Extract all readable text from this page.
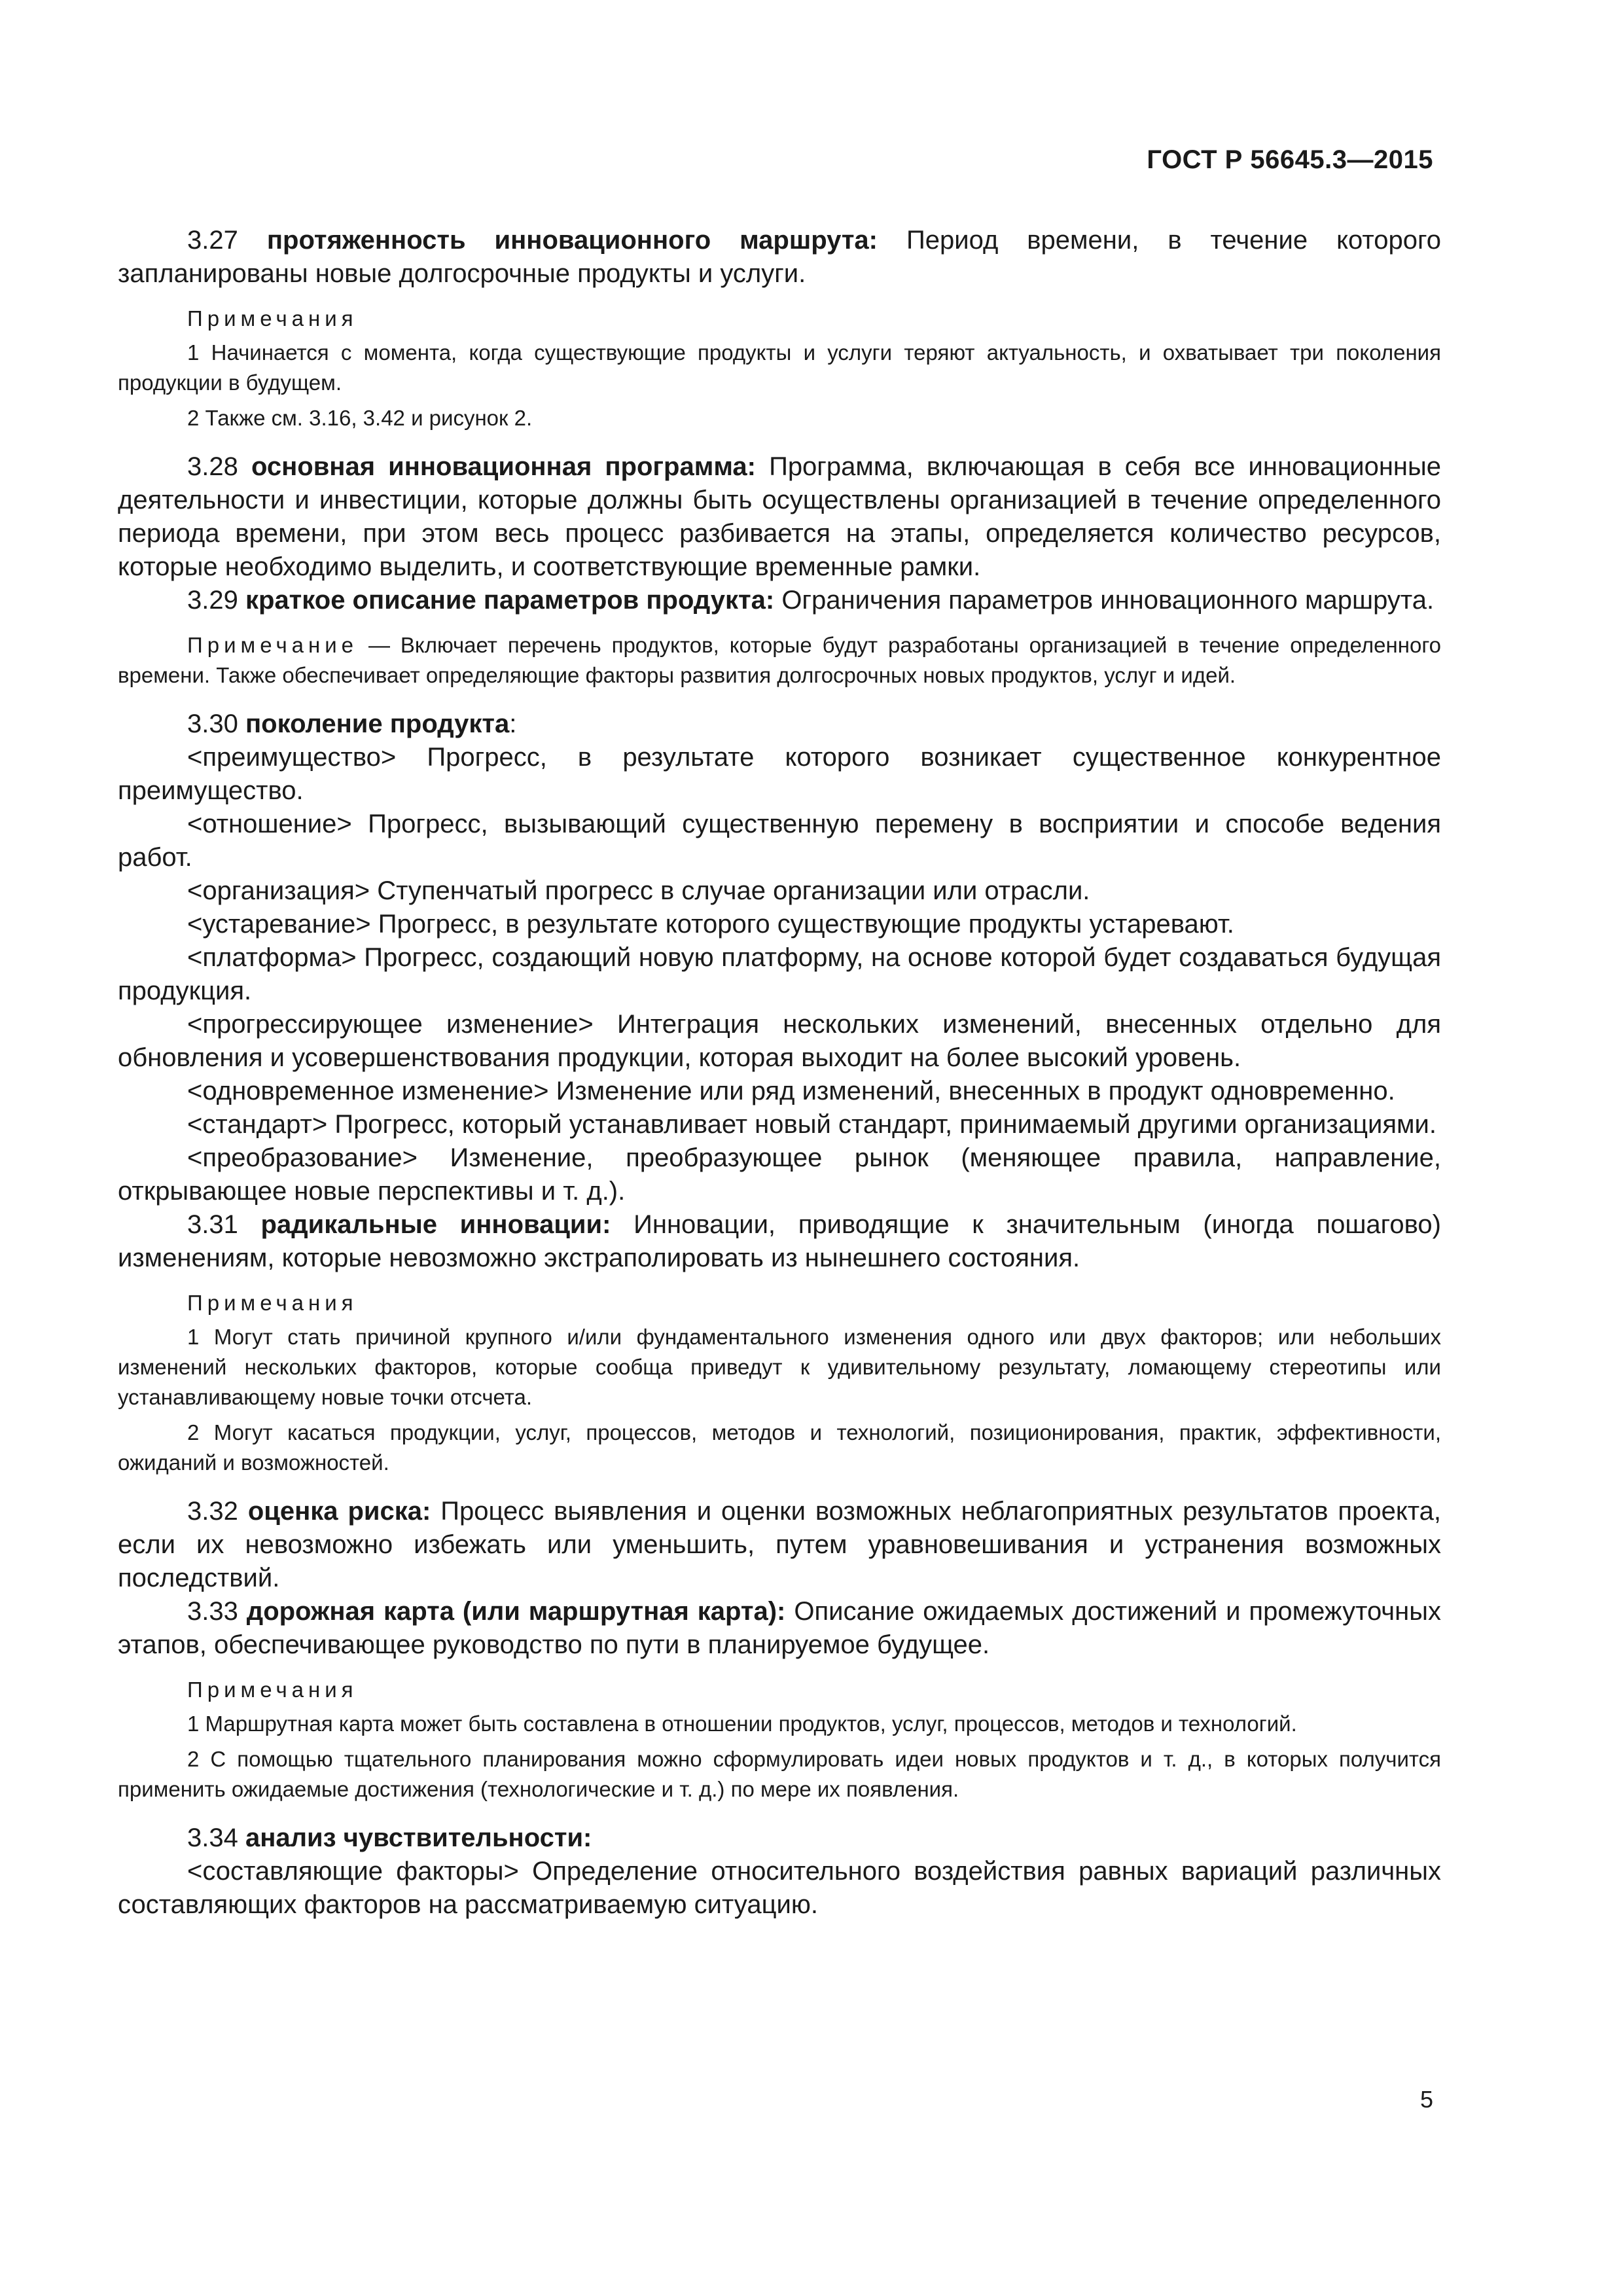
ГОСТ Р 56645.3—2015

3.27 протяженность инновационного маршрута: Период времени, в течение которого запланированы новые долгосрочные продукты и услуги.

Примечания

1 Начинается с момента, когда существующие продукты и услуги теряют актуальность, и охватывает три поколения продукции в будущем.

2 Также см. 3.16, 3.42 и рисунок 2.

3.28 основная инновационная программа: Программа, включающая в себя все инновационные деятельности и инвестиции, которые должны быть осуществлены организацией в течение определенного периода времени, при этом весь процесс разбивается на этапы, определяется количество ресурсов, которые необходимо выделить, и соответствующие временные рамки.

3.29 краткое описание параметров продукта: Ограничения параметров инновационного маршрута.

Примечание — Включает перечень продуктов, которые будут разработаны организацией в течение определенного времени. Также обеспечивает определяющие факторы развития долгосрочных новых продуктов, услуг и идей.

3.30 поколение продукта:

<преимущество> Прогресс, в результате которого возникает существенное конкурентное преимущество.

<отношение> Прогресс, вызывающий существенную перемену в восприятии и способе ведения работ.

<организация> Ступенчатый прогресс в случае организации или отрасли.

<устаревание> Прогресс, в результате которого существующие продукты устаревают.

<платформа> Прогресс, создающий новую платформу, на основе которой будет создаваться будущая продукция.

<прогрессирующее изменение> Интеграция нескольких изменений, внесенных отдельно для обновления и усовершенствования продукции, которая выходит на более высокий уровень.

<одновременное изменение> Изменение или ряд изменений, внесенных в продукт одновременно.

<стандарт> Прогресс, который устанавливает новый стандарт, принимаемый другими организациями.

<преобразование> Изменение, преобразующее рынок (меняющее правила, направление, открывающее новые перспективы и т. д.).

3.31 радикальные инновации: Инновации, приводящие к значительным (иногда пошагово) изменениям, которые невозможно экстраполировать из нынешнего состояния.

Примечания

1 Могут стать причиной крупного и/или фундаментального изменения одного или двух факторов; или небольших изменений нескольких факторов, которые сообща приведут к удивительному результату, ломающему стереотипы или устанавливающему новые точки отсчета.

2 Могут касаться продукции, услуг, процессов, методов и технологий, позиционирования, практик, эффективности, ожиданий и возможностей.

3.32 оценка риска: Процесс выявления и оценки возможных неблагоприятных результатов проекта, если их невозможно избежать или уменьшить, путем уравновешивания и устранения возможных последствий.

3.33 дорожная карта (или маршрутная карта): Описание ожидаемых достижений и промежуточных этапов, обеспечивающее руководство по пути в планируемое будущее.

Примечания

1 Маршрутная карта может быть составлена в отношении продуктов, услуг, процессов, методов и технологий.

2 С помощью тщательного планирования можно сформулировать идеи новых продуктов и т. д., в которых получится применить ожидаемые достижения (технологические и т. д.) по мере их появления.

3.34 анализ чувствительности:

<составляющие факторы> Определение относительного воздействия равных вариаций различных составляющих факторов на рассматриваемую ситуацию.

5
